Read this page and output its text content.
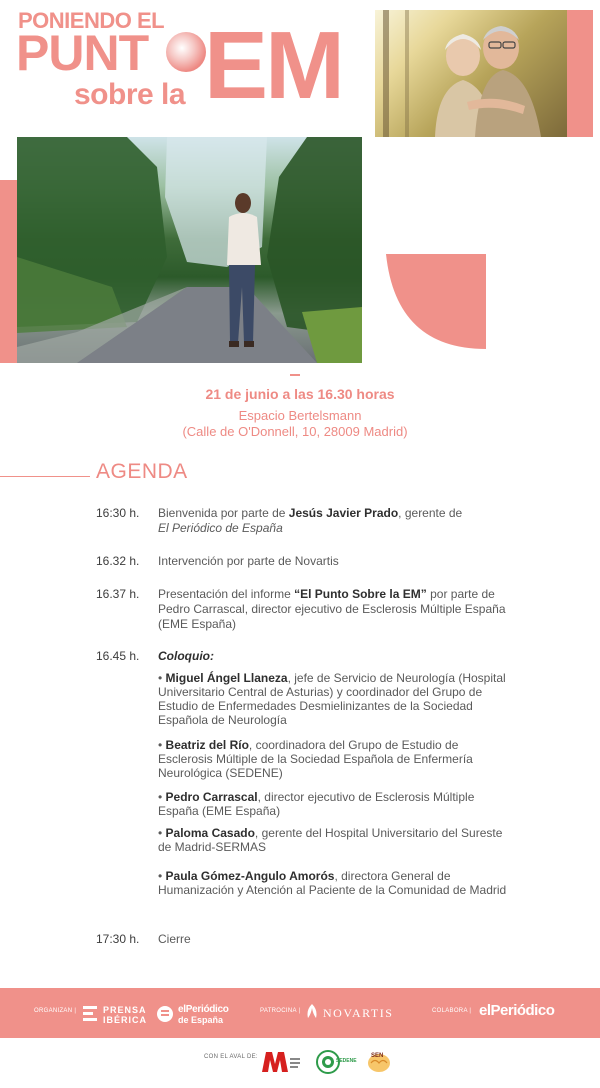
PONIENDO EL
PUNT
sobre la EM
21 de junio a las 16.30 horas
Espacio Bertelsmann
(Calle de O'Donnell, 10, 28009 Madrid)
AGENDA
16:30 h.	Bienvenida por parte de Jesús Javier Prado, gerente de
El Periódico de España
16.32 h.	Intervención por parte de Novartis
16.37 h.	Presentación del informe “El Punto Sobre la EM” por parte de Pedro Carrascal, director ejecutivo de Esclerosis Múltiple España (EME España)
16.45 h.	Coloquio:
• Miguel Ángel Llaneza, jefe de Servicio de Neurología (Hospital Universitario Central de Asturias) y coordinador del Grupo de Estudio de Enfermedades Desmielinizantes de la Sociedad Española de Neurología
• Beatriz del Río, coordinadora del Grupo de Estudio de Esclerosis Múltiple de la Sociedad Española de Enfermería Neurológica (SEDENE)
• Pedro Carrascal, director ejecutivo de Esclerosis Múltiple España (EME España)
• Paloma Casado, gerente del Hospital Universitario del Sureste de Madrid-SERMAS
• Paula Gómez-Angulo Amorós, directora General de Humanización y Atención al Paciente de la Comunidad de Madrid
17:30 h.	Cierre
ORGANIZAN |	PRENSA
IBÉRICA
elPeriódico
de España
PATROCINA | NOVARTIS	COLABORA | elPeriódico
CON EL AVAL DE:
SEDENE
SEN
